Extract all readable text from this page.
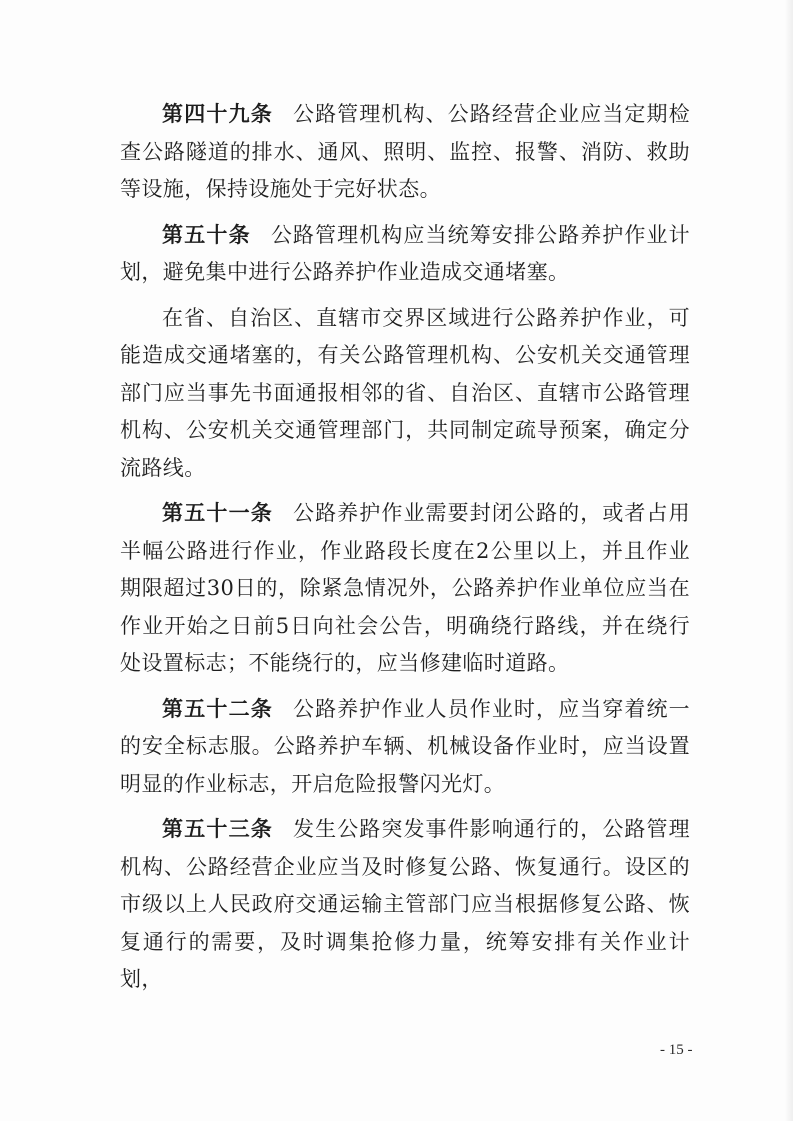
第四十九条 公路管理机构、公路经营企业应当定期检查公路隧道的排水、通风、照明、监控、报警、消防、救助等设施，保持设施处于完好状态。

第五十条 公路管理机构应当统筹安排公路养护作业计划，避免集中进行公路养护作业造成交通堵塞。

在省、自治区、直辖市交界区域进行公路养护作业，可能造成交通堵塞的，有关公路管理机构、公安机关交通管理部门应当事先书面通报相邻的省、自治区、直辖市公路管理机构、公安机关交通管理部门，共同制定疏导预案，确定分流路线。

第五十一条 公路养护作业需要封闭公路的，或者占用半幅公路进行作业，作业路段长度在2公里以上，并且作业期限超过30日的，除紧急情况外，公路养护作业单位应当在作业开始之日前5日向社会公告，明确绕行路线，并在绕行处设置标志；不能绕行的，应当修建临时道路。

第五十二条 公路养护作业人员作业时，应当穿着统一的安全标志服。公路养护车辆、机械设备作业时，应当设置明显的作业标志，开启危险报警闪光灯。

第五十三条 发生公路突发事件影响通行的，公路管理机构、公路经营企业应当及时修复公路、恢复通行。设区的市级以上人民政府交通运输主管部门应当根据修复公路、恢复通行的需要，及时调集抢修力量，统筹安排有关作业计划，

- 15 -
